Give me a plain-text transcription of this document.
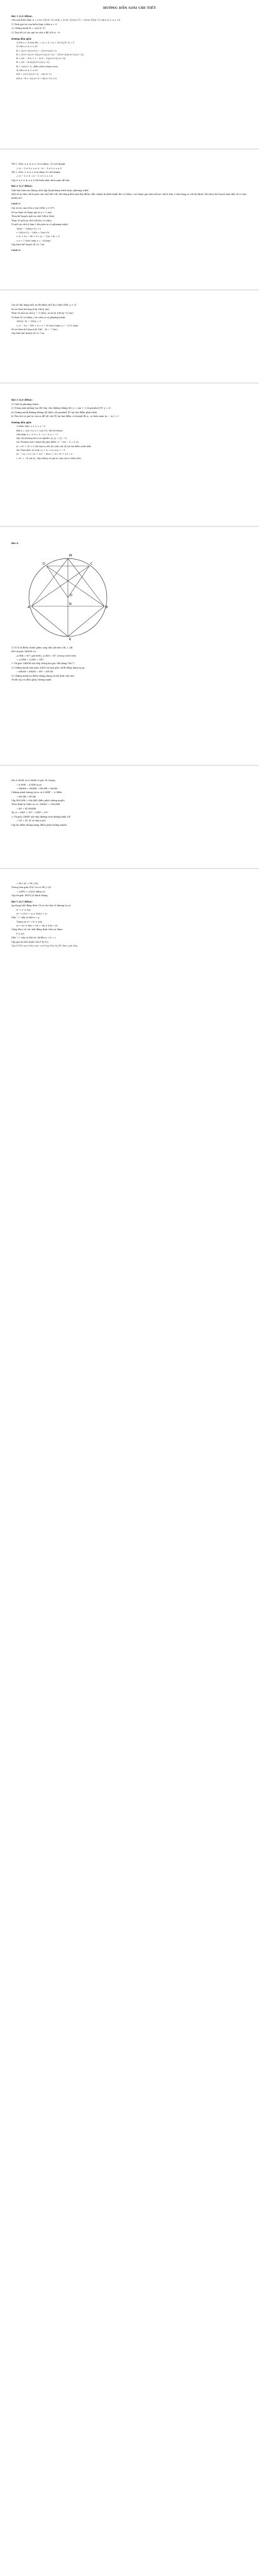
HƯỚNG DẪN GIẢI CHI TIẾT
Bài 1 (2,0 điểm):
Cho hai biểu thức A = (√x+1)/(√x−1) và B = (2√x−1)/(√x+1) − (3√x+1)/(x−1) với x ≥ 0, x ≠ 25.
1) Tính giá trị của biểu thức A khi x = 9
2) Chứng minh B = √x/(√x−1)
3) Tìm tất cả các giá trị của x để A·B ≥ −8
Hướng dẫn giải:
1) Khi x = 9 (t/m đk)  ⇒ √x = 3 ⇒ A = (3+1)/(3−1) = 2
2) Với x ≥ 0, x ≠ 25
B = (2√x−1)/(√x+1) − (3√x+1)/(x−1)
B = (2√x−1)(√x−1)/((√x+1)(√x−1)) − (3√x+1)/((√x+1)(√x−1))
B = (2x − 3√x + 1 − 3√x − 1)/((√x+1)(√x−1))
B = (2x − 6√x)/((√x+1)(√x−1))
B = √x/(√x−1)  (điều phải chứng minh)
3) Với x ≥ 0, x ≠ 25
A·B = (√x+1)/(√x−1) · √x/(√x−1)
A·B ≥ −8 ⇔ √x(√x+1) + 8(√x−1)² ≥ 0
TH 1: Nếu  x ≥ 4, x ≠ 25 ta được  (1) trở thành:
{ √x − 2 ≥ 0 ⇔ x ≥ 4 ; √x − 3 ≥ 0 ⇔ x ≥ 9
TH 2: Nếu  0 ≤ x < 4 ta được (1) trở thành:
{ √x − 2 < 0 ; √x − 3 < 0 ⇔ x < 4
Vậy 0 ≤ x ≤ 4; x ≥ 9 thì biểu thức thỏa mãn đề bài.
Bài 2 (2,5 điểm):
Giải bài toán sau bằng cách lập hệ phương trình hoặc phương trình:
Một tổ xe theo kế hoạch cần chở hết 140 tấn hàng đến một địa điểm. Khi chuẩn bị khởi hành thì có thêm 2 xe tham gia nên mỗi xe chở ít hơn 5 tấn hàng so với dự định. Hỏi theo kế hoạch ban đầu tổ có bao nhiêu xe?
Cách 1:
Gọi số xe của tổ là x (xe) (ĐK: x ∈ N*)
Số xe thực tế tham gia là x + 2 (xe)
Theo kế hoạch mỗi xe chở 140/x (tấn)
Thực tế mỗi xe chở 140/(x+2) (tấn)
Vì mỗi xe chở ít hơn 5 tấn nên ta có phương trình:
140/x − 140/(x+2) = 5
⇔ 140(x+2) − 140x = 5x(x+2)
⇔ x² + 2x − 56 = 0 ⇔ (x − 7)(x + 8) = 0
⇔ x = 7 (t/m) hoặc x = −8 (loại)
Vậy theo kế hoạch tổ có 7 xe.
Cách 2:
Gọi số tấn hàng mỗi xe dự định chở là y (tấn) (ĐK: y > 5)
Số xe theo kế hoạch là 140/y (xe)
Thực tế mỗi xe chở y − 5 (tấn), số xe là 140/(y−5) (xe)
Vì thực tế có thêm 2 xe nên ta có phương trình:
140/(y−5) − 140/y = 2
⇔ y² − 5y − 350 = 0 ⇔ y = 20 (t/m) hoặc y = −17,5 (loại)
Số xe theo kế hoạch là 140 : 20 = 7 (xe).
Vậy theo kế hoạch tổ có 7 xe.
Bài 3 (2,0 điểm):
1) Giải hệ phương trình:
2) Trong mặt phẳng tọa độ Oxy, cho đường thẳng (d): y = mx + 3 và parabol (P): y = x².
a) Chứng minh đường thẳng (d) luôn cắt parabol (P) tại hai điểm phân biệt.
b) Tìm tất cả giá trị của m để (d) cắt (P) tại hai điểm có hoành độ x₁, x₂ thỏa mãn |x₁ − x₂| = 2
Hướng dẫn giải:
1) Điều kiện: x ≠ 1; y ≠ −2
Đặt a = 1/(x−1); b = 1/(y+2). Hệ trở thành:
Giải được a = 1; b = 1 ⇒ x = 2; y = −1
Vậy hệ phương trình có nghiệm (x; y) = (2; −1)
2a) Phương trình hoành độ giao điểm: x² − mx − 3 = 0 (1)
Δ = m² + 12 > 0 với mọi m nên (d) luôn cắt (P) tại hai điểm phân biệt.
2b) Theo định lý Vi-ét: x₁ + x₂ = m; x₁x₂ = −3
|x₁ − x₂| = 2 ⇔ (x₁ + x₂)² − 4x₁x₂ = 4 ⇔ m² + 12 = 4
⇔ m² = −8 (vô lý). Vậy không có giá trị nào của m thỏa mãn.
Bài 4:
A	B
C
D
K
M
N
O
1) Vì K là điểm chính giữa cung nhỏ AB nên OK ⊥ AB.
Xét tứ giác OKNM có:
∠OMN = 90° (giả thiết); ∠OKN = 90° (chứng minh trên)
⇒ ∠OMN + ∠OKN = 180°
⇒ Tứ giác OKNM nội tiếp (tổng hai góc đối bằng 180°).
2) Chứng minh tam giác AMN và tam giác ANB đồng dạng (g.g).
⇒ AM/AN = AN/AB ⇒ AN² = AM.AB
3) Chứng minh ba điểm thẳng hàng và hệ thức cần tìm.
Từ đó suy ra điều phải chứng minh.
Xét ∆ MNK và ∆ MAB có góc M chung
⇒ ∆ MNK ∽ ∆ MAB (g.g)
⇒ MN/MA = MK/MB ⇒ MN.MB = MA.MK
Chứng minh tương tự ta có ∆ MEF ∽ ∆ MBA
⇒ ME.MB = MF.MA
Vậy MN.MB = MA.MK (điều phải chứng minh)
Theo định lý Talet ta có: NE/BC = MN/MB
⇒ NE = BC.MN/MB
Ta có ∠OKF = 90°; ∠OEF = 90°
⇒ Tứ giác OKEF nội tiếp đường tròn đường kính OF
⇒ OE ⊥ EF; EF là tiếp tuyến
Vậy ba điểm thẳng hàng (điều phải chứng minh).
⇒ PK / QC = PK / DQ
Trong tam giác PQC ta có PK // QC
⇒ ∠KPD = ∠QCD (đồng vị)
Vậy tứ giác PKCQ là hình thang.
Bài 5 (0,5 điểm):
Áp dụng bất đẳng thức Cô-si cho hai số dương ta có:
x² + y² ≥ 2xy
(x² + y²)(x + y) ≥ 2xy(x + y)
Dấu "=" xảy ra khi x = y
Tương tự: a² + b² ≥ 2ab
(a + b)² ≥ 4ab ⇔ 1/a + 1/b ≥ 4/(a + b)
Cộng theo vế các bất đẳng thức trên ta được:
P ≥ 3/2
Dấu "=" xảy ra khi và chỉ khi a = b = c
Vậy giá trị nhỏ nhất của P là 3/2.
Tập ĐTHS mọi thắc mắc vui lòng liên hệ để được giải đáp.
